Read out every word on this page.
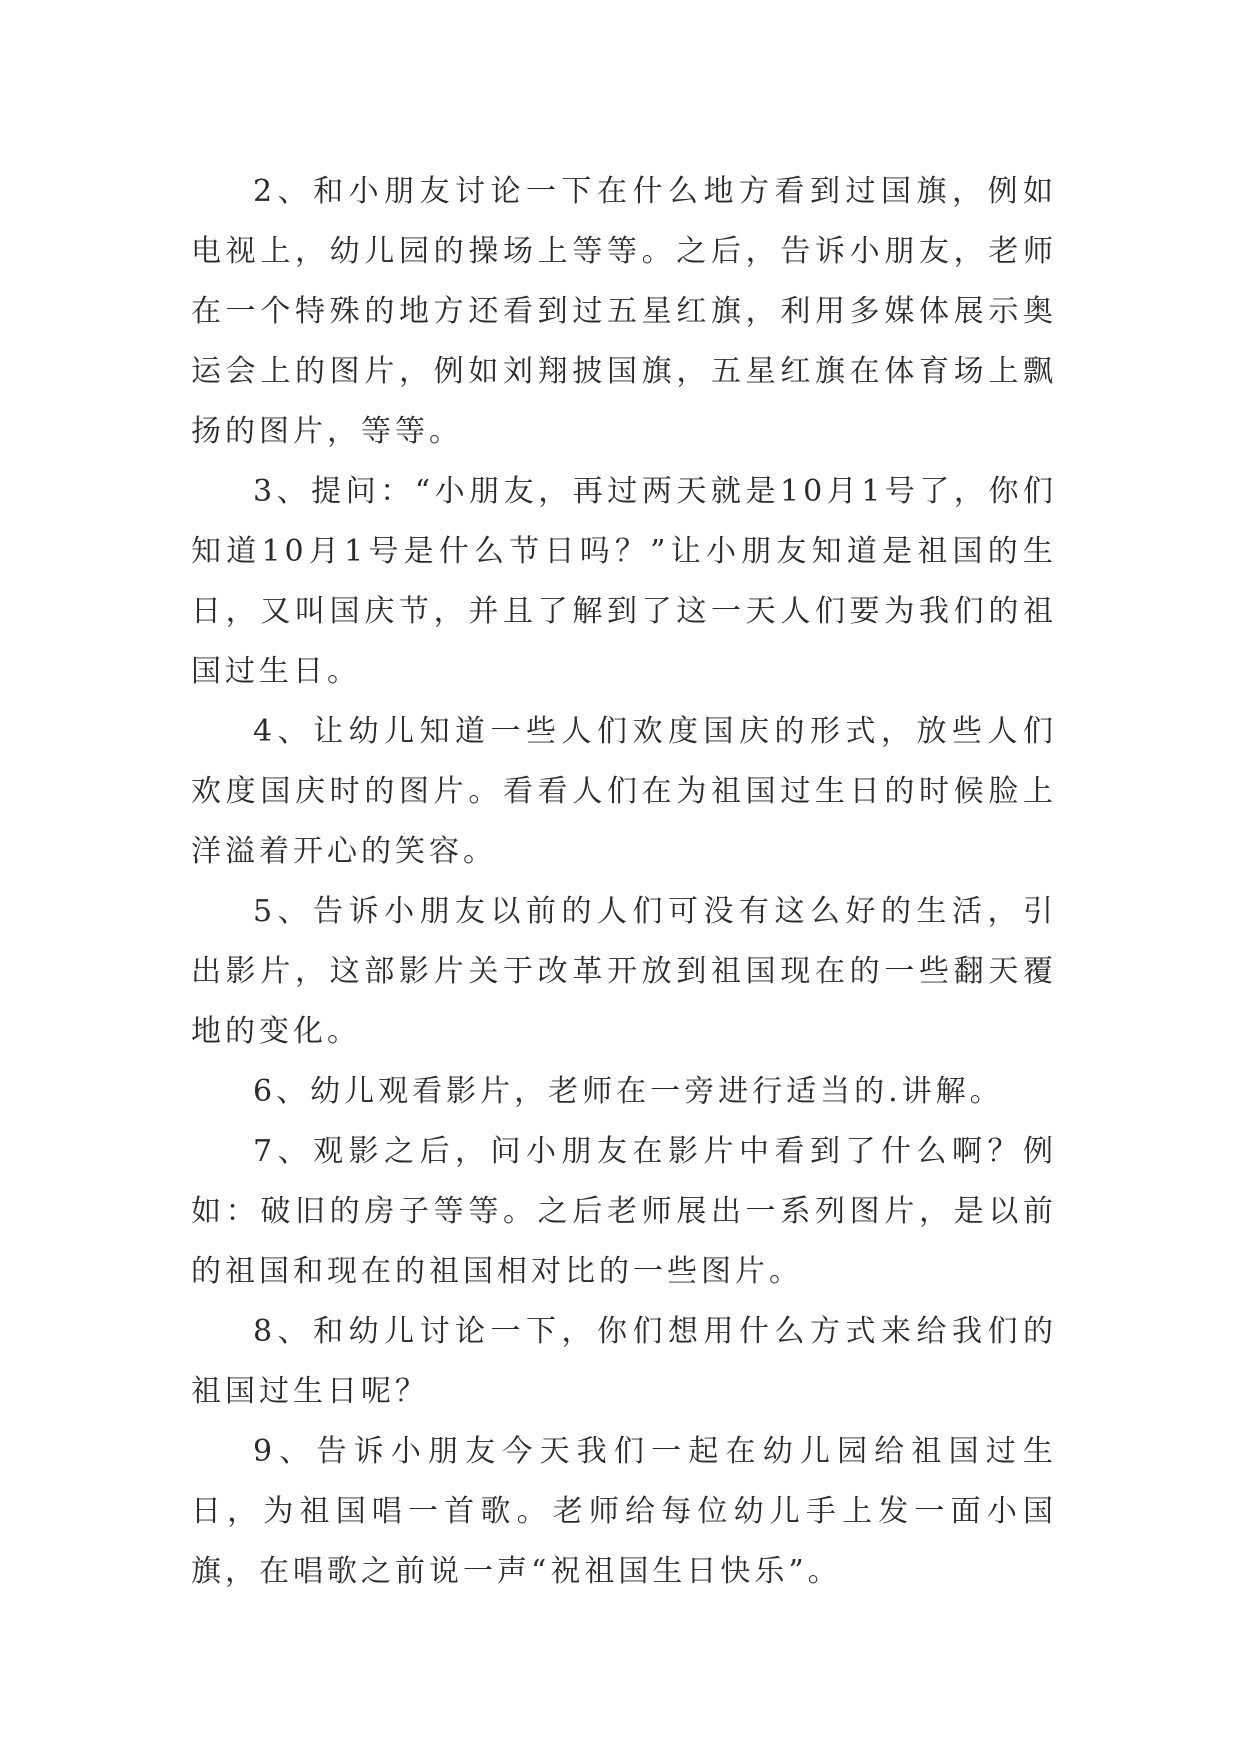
2、和小朋友讨论一下在什么地方看到过国旗，例如电视上，幼儿园的操场上等等。之后，告诉小朋友，老师在一个特殊的地方还看到过五星红旗，利用多媒体展示奥运会上的图片，例如刘翔披国旗，五星红旗在体育场上飘扬的图片，等等。

3、提问：“小朋友，再过两天就是10月1号了，你们知道10月1号是什么节日吗？”让小朋友知道是祖国的生日，又叫国庆节，并且了解到了这一天人们要为我们的祖国过生日。

4、让幼儿知道一些人们欢度国庆的形式，放些人们欢度国庆时的图片。看看人们在为祖国过生日的时候脸上洋溢着开心的笑容。

5、告诉小朋友以前的人们可没有这么好的生活，引出影片，这部影片关于改革开放到祖国现在的一些翻天覆地的变化。

6、幼儿观看影片，老师在一旁进行适当的.讲解。

7、观影之后，问小朋友在影片中看到了什么啊？例如：破旧的房子等等。之后老师展出一系列图片，是以前的祖国和现在的祖国相对比的一些图片。

8、和幼儿讨论一下，你们想用什么方式来给我们的祖国过生日呢？

9、告诉小朋友今天我们一起在幼儿园给祖国过生日，为祖国唱一首歌。老师给每位幼儿手上发一面小国旗，在唱歌之前说一声“祝祖国生日快乐”。
